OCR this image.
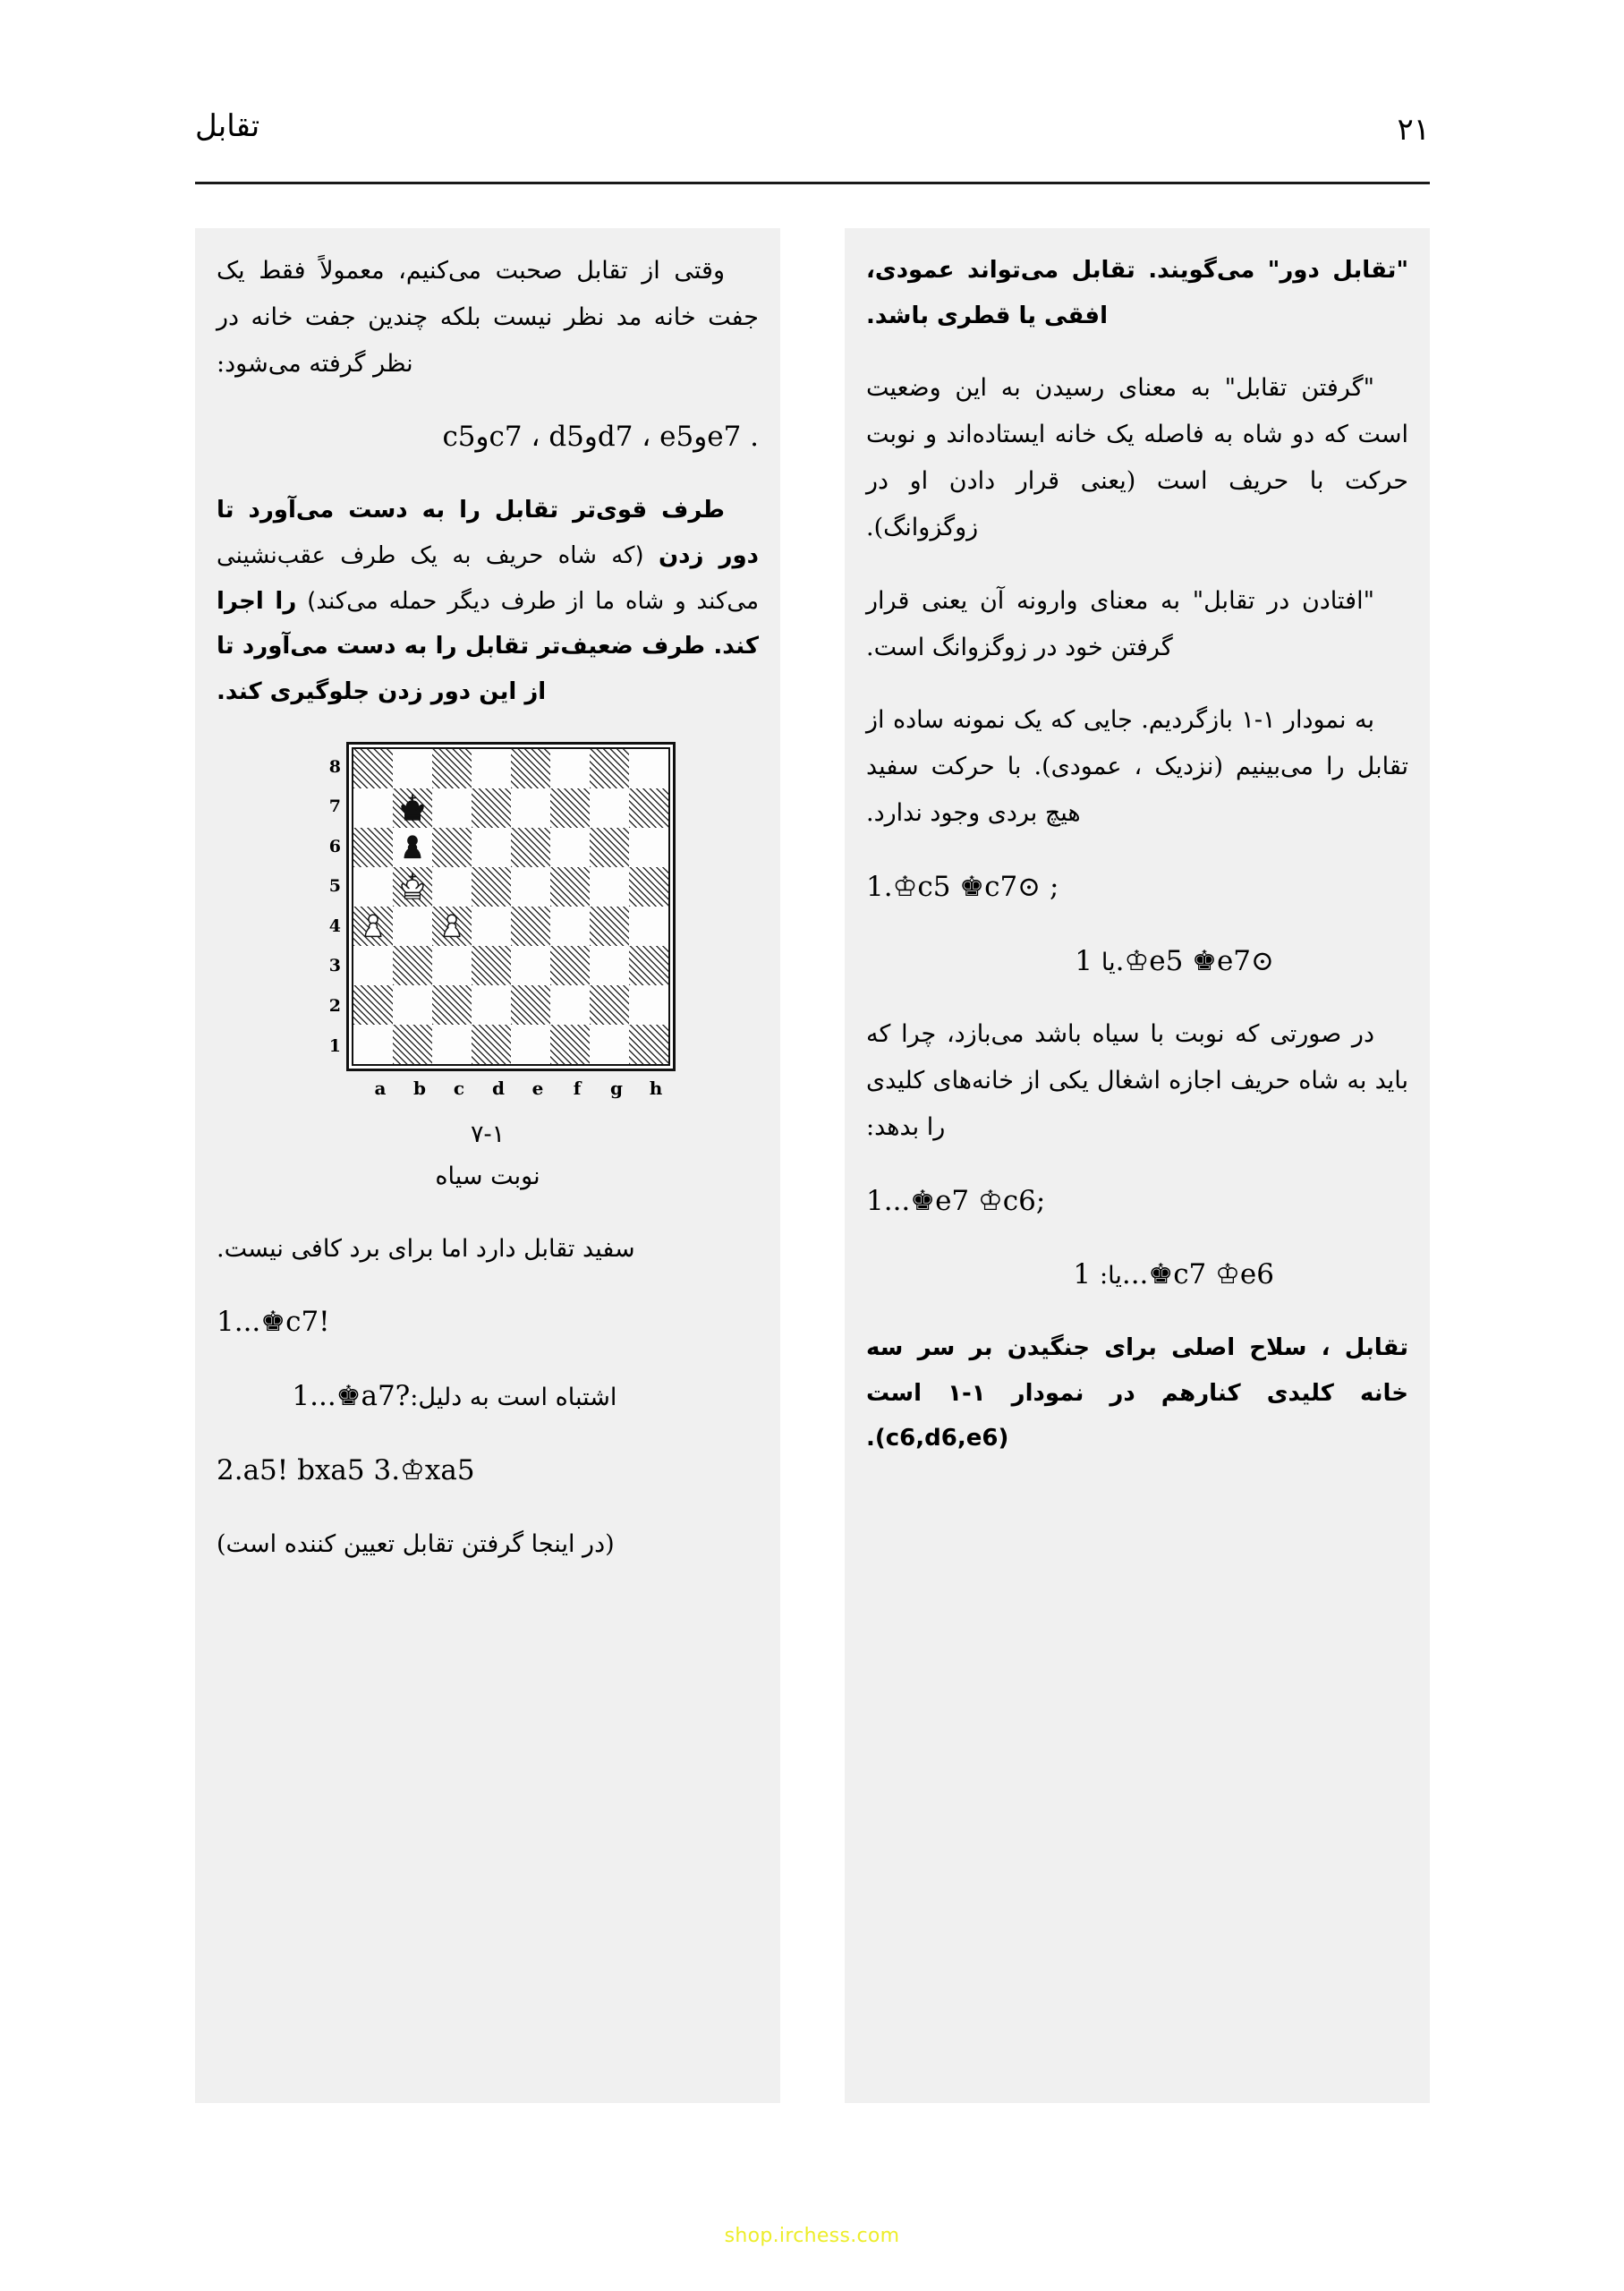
۲۱
تقابل

"تقابل دور" می‌گویند. تقابل می‌تواند عمودی، افقی یا قطری باشد.

"گرفتن تقابل" به معنای رسیدن به این وضعیت است که دو شاه به فاصله یک خانه ایستاده‌اند و نوبت حرکت با حریف است (یعنی قرار دادن او در زوگزوانگ).

"افتادن در تقابل" به معنای وارونه آن یعنی قرار گرفتن خود در زوگزوانگ است.

به نمودار ۱-۱ بازگردیم. جایی که یک نمونه ساده از تقابل را می‌بینیم (نزدیک ، عمودی). با حرکت سفید هیچ بردی وجود ندارد.

1.♔c5 ♚c7⊙ ;

یا 1.♔e5 ♚e7⊙

در صورتی که نوبت با سیاه باشد می‌بازد، چرا که باید به شاه حریف اجازه اشغال یکی از خانه‌های کلیدی را بدهد:

1...♚e7 ♔c6;

یا: 1...♚c7 ♔e6

تقابل ، سلاح اصلی برای جنگیدن بر سر سه خانه کلیدی کنارهم در نمودار ۱-۱ است (c6,d6,e6).

وقتی از تقابل صحبت می‌کنیم، معمولاً فقط یک جفت خانه مد نظر نیست بلکه چندین جفت خانه در نظر گرفته می‌شود:

c5وc7 ، d5وd7 ، e5وe7 .

طرف قوی‌تر تقابل را به دست می‌آورد تا دور زدن (که شاه حریف به یک طرف عقب‌نشینی می‌کند و شاه ما از طرف دیگر حمله می‌کند) را اجرا کند. طرف ضعیف‌تر تقابل را به دست می‌آورد تا از این دور زدن جلوگیری کند.

8
7
6
5
4
3
2
1
a	b	c	d	e	f	g	h
۷-۱
نوبت سیاه

سفید تقابل دارد اما برای برد کافی نیست.

1...♚c7!

1...♚a7? اشتباه است به دلیل:

2.a5! bxa5 3.♔xa5

(در اینجا گرفتن تقابل تعیین کننده است)

shop.irchess.com
